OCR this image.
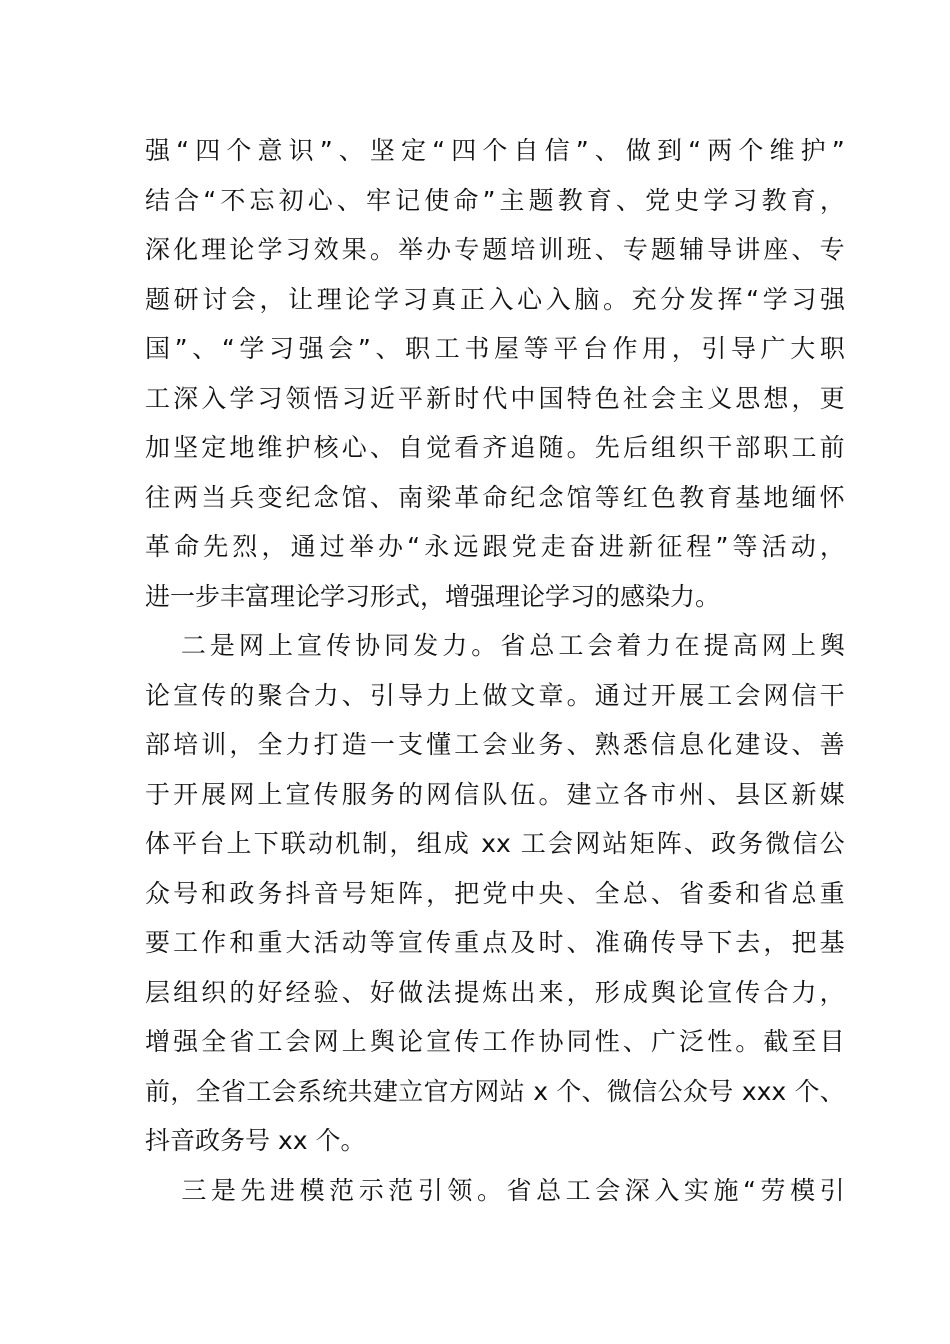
强 “ 四 个 意 识 ” 、 坚 定 “ 四 个 自 信 ” 、 做 到 “ 两 个 维 护 ”
结 合 “ 不 忘 初 心 、 牢 记 使 命 ” 主 题 教 育 、 党 史 学 习 教 育 ，
深 化 理 论 学 习 效 果 。 举 办 专 题 培 训 班 、 专 题 辅 导 讲 座 、 专
题 研 讨 会 ， 让 理 论 学 习 真 正 入 心 入 脑 。 充 分 发 挥 “ 学 习 强
国 ” 、 “ 学 习 强 会 ” 、 职 工 书 屋 等 平 台 作 用 ， 引 导 广 大 职
工 深 入 学 习 领 悟 习 近 平 新 时 代 中 国 特 色 社 会 主 义 思 想 ， 更
加 坚 定 地 维 护 核 心 、 自 觉 看 齐 追 随 。 先 后 组 织 干 部 职 工 前
往 两 当 兵 变 纪 念 馆 、 南 梁 革 命 纪 念 馆 等 红 色 教 育 基 地 缅 怀
革 命 先 烈 ， 通 过 举 办 “ 永 远 跟 党 走 奋 进 新 征 程 ” 等 活 动 ，
进一步丰富理论学习形式，增强理论学习的感染力。

二 是 网 上 宣 传 协 同 发 力 。 省 总 工 会 着 力 在 提 高 网 上 舆
论 宣 传 的 聚 合 力 、 引 导 力 上 做 文 章 。 通 过 开 展 工 会 网 信 干
部 培 训 ， 全 力 打 造 一 支 懂 工 会 业 务 、 熟 悉 信 息 化 建 设 、 善
于 开 展 网 上 宣 传 服 务 的 网 信 队 伍 。 建 立 各 市 州 、 县 区 新 媒
体 平 台 上 下 联 动 机 制 ， 组 成
xx 工 会 网 站 矩 阵 、 政 务 微 信 公
众 号 和 政 务 抖 音 号 矩 阵 ， 把 党 中 央 、 全 总 、 省 委 和 省 总 重
要 工 作 和 重 大 活 动 等 宣 传 重 点 及 时 、 准 确 传 导 下 去 ， 把 基
层 组 织 的 好 经 验 、 好 做 法 提 炼 出 来 ， 形 成 舆 论 宣 传 合 力 ，
增 强 全 省 工 会 网 上 舆 论 宣 传 工 作 协 同 性 、 广 泛 性 。 截 至 目
前 ， 全 省 工 会 系 统 共 建 立 官 方 网 站
x 个 、 微 信 公 众 号
xxx 个 、
抖音政务号 xx 个。

三 是 先 进 模 范 示 范 引 领 。 省 总 工 会 深 入 实 施 “ 劳 模 引
